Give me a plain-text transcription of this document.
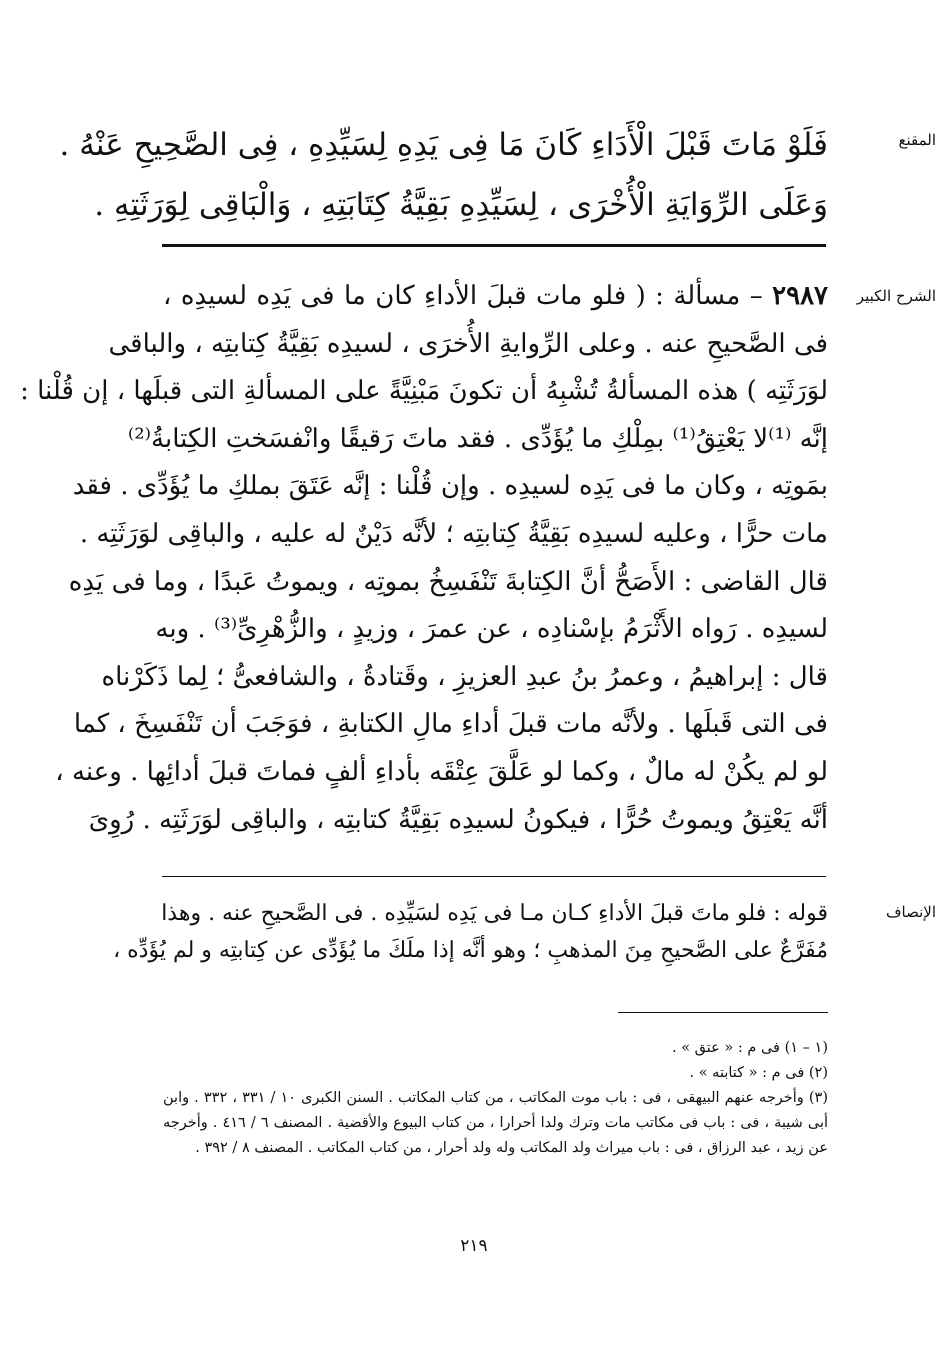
المقنع
فَلَوْ مَاتَ قَبْلَ الْأَدَاءِ كَانَ مَا فِى يَدِهِ لِسَيِّدِهِ ، فِى الصَّحِيحِ عَنْهُ .
وَعَلَى الرِّوَايَةِ الْأُخْرَى ، لِسَيِّدِهِ بَقِيَّةُ كِتَابَتِهِ ، وَالْبَاقِى لِوَرَثَتِهِ .
الشرح الكبير
٢٩٨٧ – مسألة : ( فلو مات قبلَ الأداءِ كان ما فى يَدِه لسيدِه ،
فى الصَّحيحِ عنه . وعلى الرِّوايةِ الأُخرَى ، لسيدِه بَقِيَّةُ كِتابتِه ، والباقى
لوَرَثَتِه ) هذه المسألةُ تُشْبِهُ أن تكونَ مَبْنِيَّةً على المسألةِ التى قبلَها ، إن قُلْنا :
إنَّه ⁽¹⁾لا يَعْتِقُ⁽¹⁾ بمِلْكِ ما يُؤَدِّى . فقد ماتَ رَقيقًا وانْفسَختِ الكِتابةُ⁽²⁾
بمَوتِه ، وكان ما فى يَدِه لسيدِه . وإن قُلْنا : إنَّه عَتَقَ بملكِ ما يُؤَدِّى . فقد
مات حرًّا ، وعليه لسيدِه بَقِيَّةُ كِتابتِه ؛ لأنَّه دَيْنٌ له عليه ، والباقِى لوَرَثَتِه .
قال القاضى : الأَصَحُّ أنَّ الكِتابةَ تَنْفَسِخُ بموتِه ، ويموتُ عَبدًا ، وما فى يَدِه
لسيدِه . رَواه الأَثْرَمُ بإسْنادِه ، عن عمرَ ، وزيدٍ ، والزُّهْرِىِّ⁽³⁾ . وبه
قال : إبراهيمُ ، وعمرُ بنُ عبدِ العزيزِ ، وقَتادةُ ، والشافعىُّ ؛ لِما ذَكَرْناه
فى التى قَبلَها . ولأنَّه مات قبلَ أداءِ مالِ الكتابةِ ، فوَجَبَ أن تَنْفَسِخَ ، كما
لو لم يكُنْ له مالٌ ، وكما لو عَلَّقَ عِتْقَه بأداءِ ألفٍ فماتَ قبلَ أدائِها . وعنه ،
أنَّه يَعْتِقُ ويموتُ حُرًّا ، فيكونُ لسيدِه بَقِيَّةُ كتابتِه ، والباقِى لوَرَثَتِه . رُوِىَ
الإنصاف
قوله : فلو ماتَ قبلَ الأداءِ كـان مـا فى يَدِه لسَيِّدِه . فى الصَّحيحِ عنه . وهذا
مُفَرَّعٌ على الصَّحيحِ مِنَ المذهبِ ؛ وهو أنَّه إذا ملَكَ ما يُؤَدِّى عن كِتابتِه و لم يُؤَدِّه ،
(١ – ١) فى م : « عتق » .
(٢) فى م : « كتابته » .
(٣) وأخرجه عنهم البيهقى ، فى : باب موت المكاتب ، من كتاب المكاتب . السنن الكبرى ١٠ / ٣٣١ ، ٣٣٢ . وابن
أبى شيبة ، فى : باب فى مكاتب مات وترك ولدا أحرارا ، من كتاب البيوع والأقضية . المصنف ٦ / ٤١٦ . وأخرجه
عن زيد ، عبد الرزاق ، فى : باب ميراث ولد المكاتب وله ولد أحرار ، من كتاب المكاتب . المصنف ٨ / ٣٩٢ .
٢١٩
